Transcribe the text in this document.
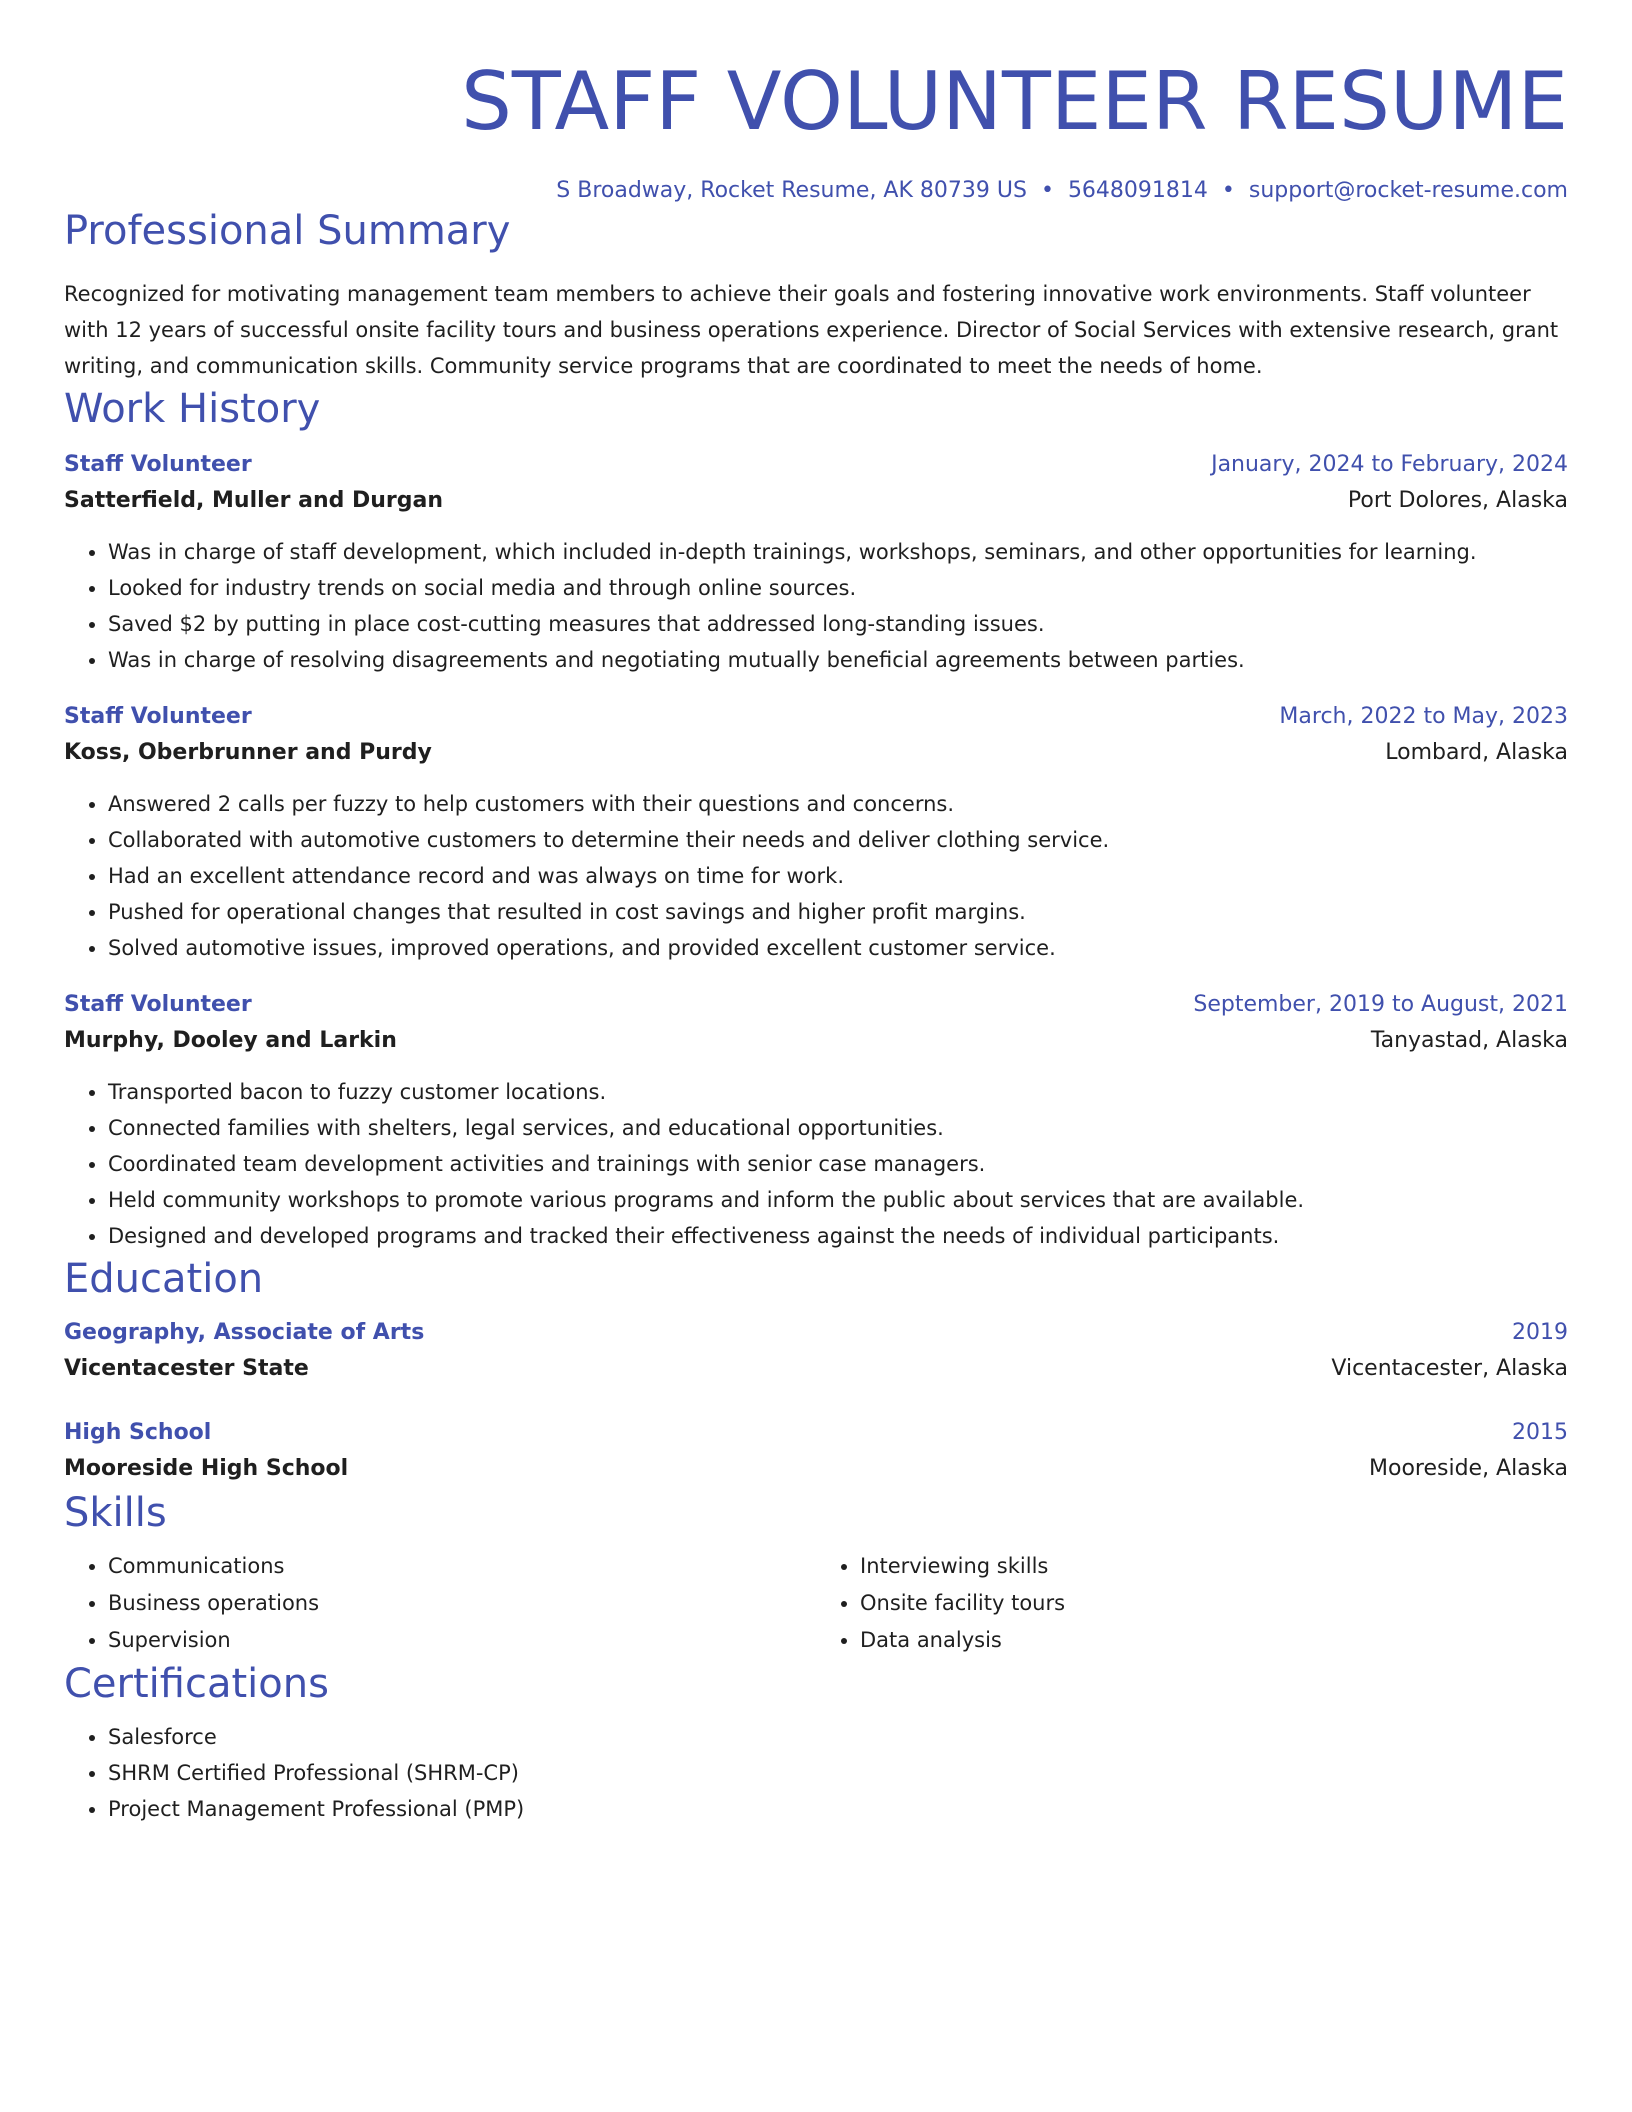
STAFF VOLUNTEER RESUME
S Broadway, Rocket Resume, AK 80739 US • 5648091814 • support@rocket-resume.com
Professional Summary
Recognized for motivating management team members to achieve their goals and fostering innovative work environments. Staff volunteer with 12 years of successful onsite facility tours and business operations experience. Director of Social Services with extensive research, grant writing, and communication skills. Community service programs that are coordinated to meet the needs of home.
Work History
Staff Volunteer	January, 2024 to February, 2024
Satterfield, Muller and Durgan	Port Dolores, Alaska
• Was in charge of staff development, which included in-depth trainings, workshops, seminars, and other opportunities for learning.
• Looked for industry trends on social media and through online sources.
• Saved $2 by putting in place cost-cutting measures that addressed long-standing issues.
• Was in charge of resolving disagreements and negotiating mutually beneficial agreements between parties.
Staff Volunteer	March, 2022 to May, 2023
Koss, Oberbrunner and Purdy	Lombard, Alaska
• Answered 2 calls per fuzzy to help customers with their questions and concerns.
• Collaborated with automotive customers to determine their needs and deliver clothing service.
• Had an excellent attendance record and was always on time for work.
• Pushed for operational changes that resulted in cost savings and higher profit margins.
• Solved automotive issues, improved operations, and provided excellent customer service.
Staff Volunteer	September, 2019 to August, 2021
Murphy, Dooley and Larkin	Tanyastad, Alaska
• Transported bacon to fuzzy customer locations.
• Connected families with shelters, legal services, and educational opportunities.
• Coordinated team development activities and trainings with senior case managers.
• Held community workshops to promote various programs and inform the public about services that are available.
• Designed and developed programs and tracked their effectiveness against the needs of individual participants.
Education
Geography, Associate of Arts	2019
Vicentacester State	Vicentacester, Alaska
High School	2015
Mooreside High School	Mooreside, Alaska
Skills
• Communications
• Business operations
• Supervision
• Interviewing skills
• Onsite facility tours
• Data analysis
Certifications
• Salesforce
• SHRM Certified Professional (SHRM-CP)
• Project Management Professional (PMP)
